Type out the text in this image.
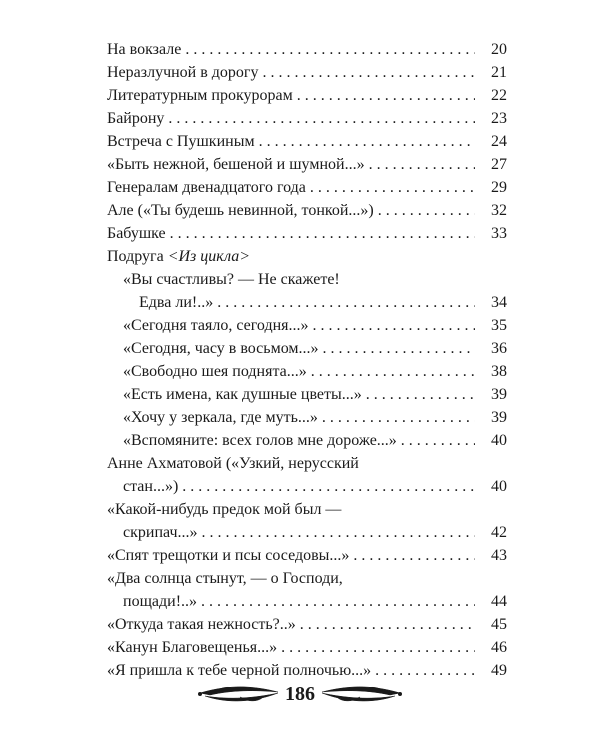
На вокзале . . .	20
Неразлучной в дорогу . . .	21
Литературным прокурорам . . .	22
Байрону . . .	23
Встреча с Пушкиным . . .	24
«Быть нежной, бешеной и шумной...» . . .	27
Генералам двенадцатого года . . .	29
Але («Ты будешь невинной, тонкой...») . . .	32
Бабушке . . .	33
Подруга <Из цикла>
«Вы счастливы? — Не скажете!
Едва ли!..» . . .	34
«Сегодня таяло, сегодня...» . . .	35
«Сегодня, часу в восьмом...» . . .	36
«Свободно шея поднята...» . . .	38
«Есть имена, как душные цветы...» . . .	39
«Хочу у зеркала, где муть...» . . .	39
«Вспомяните: всех голов мне дороже...» . . .	40
Анне Ахматовой («Узкий, нерусский
стан...») . . .	40
«Какой-нибудь предок мой был —
скрипач...» . . .	42
«Спят трещотки и псы соседовы...» . . .	43
«Два солнца стынут, — о Господи,
пощади!..» . . .	44
«Откуда такая нежность?..» . . .	45
«Канун Благовещенья...» . . .	46
«Я пришла к тебе черной полночью...» . . .	49
186
